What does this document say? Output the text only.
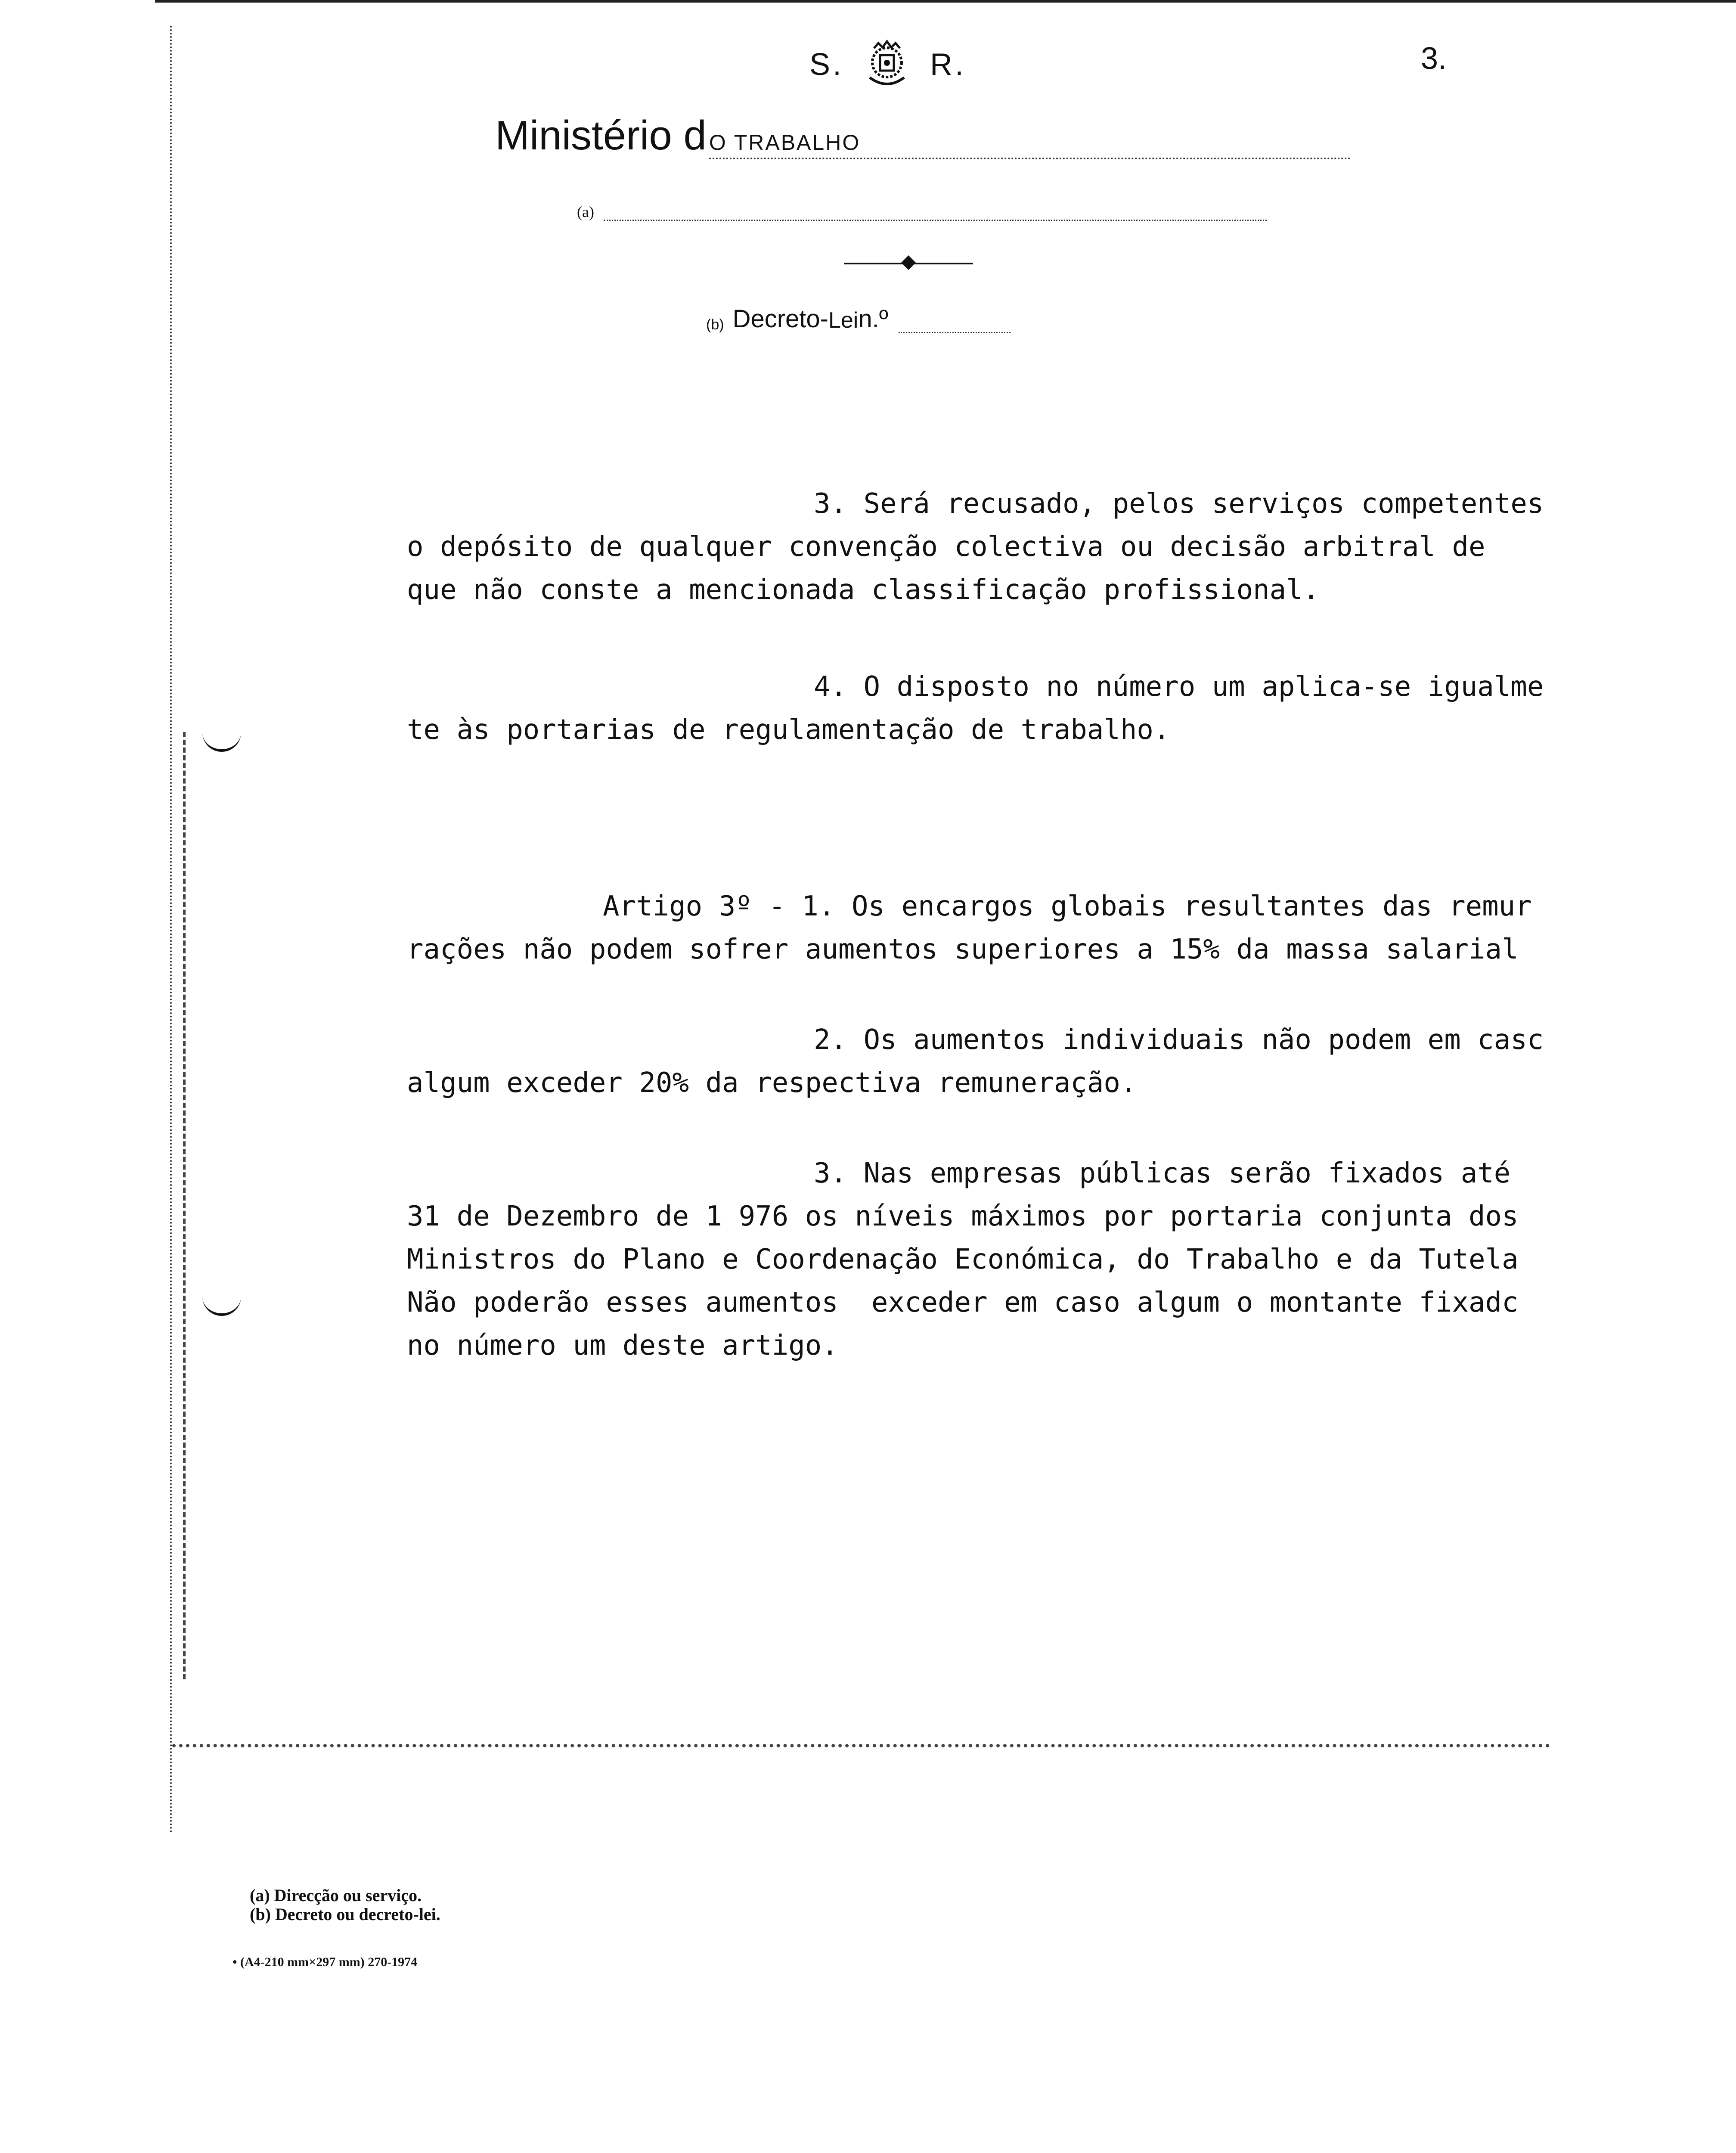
S.	R.	3.
Ministério d O TRABALHO
(a)
(b) Decreto- Lei n.º
3. Será recusado, pelos serviços competentes
o depósito de qualquer convenção colectiva ou decisão arbitral de
que não conste a mencionada classificação profissional.
4. O disposto no número um aplica-se igualme
te às portarias de regulamentação de trabalho.
Artigo 3º - 1. Os encargos globais resultantes das remur
rações não podem sofrer aumentos superiores a 15% da massa salarial
2. Os aumentos individuais não podem em casc
algum exceder 20% da respectiva remuneração.
3. Nas empresas públicas serão fixados até
31 de Dezembro de 1 976 os níveis máximos por portaria conjunta dos
Ministros do Plano e Coordenação Económica, do Trabalho e da Tutela
Não poderão esses aumentos  exceder em caso algum o montante fixadc
no número um deste artigo.
(a) Direcção ou serviço.
(b) Decreto ou decreto-lei.
• (A4-210 mm×297 mm) 270-1974
